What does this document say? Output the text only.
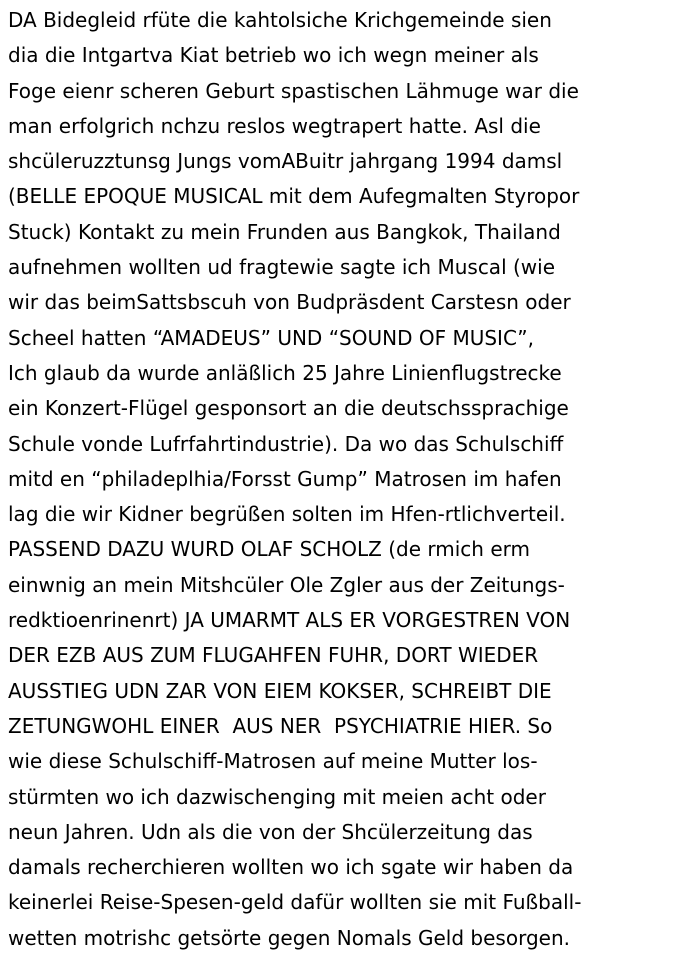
DA Bidegleid rfüte die kahtolsiche Krichgemeinde sien
dia die Intgartva Kiat betrieb wo ich wegn meiner als
Foge eienr scheren Geburt spastischen Lähmuge war die
man erfolgrich nchzu reslos wegtrapert hatte. Asl die
shcüleruzztunsg Jungs vomABuitr jahrgang 1994 damsl
(BELLE EPOQUE MUSICAL mit dem Aufegmalten Styropor
Stuck) Kontakt zu mein Frunden aus Bangkok, Thailand
aufnehmen wollten ud fragtewie sagte ich Muscal (wie
wir das beimSattsbscuh von Budpräsdent Carstesn oder
Scheel hatten “AMADEUS” UND “SOUND OF MUSIC”,
Ich glaub da wurde anläßlich 25 Jahre Linienflugstrecke
ein Konzert-Flügel gesponsort an die deutschssprachige
Schule vonde Lufrfahrtindustrie). Da wo das Schulschiff
mitd en “philadeplhia/Forsst Gump” Matrosen im hafen
lag die wir Kidner begrüßen solten im Hfen-rtlichverteil.
PASSEND DAZU WURD OLAF SCHOLZ (de rmich erm
einwnig an mein Mitshcüler Ole Zgler aus der Zeitungs-
redktioenrinenrt) JA UMARMT ALS ER VORGESTREN VON
DER EZB AUS ZUM FLUGAHFEN FUHR, DORT WIEDER
AUSSTIEG UDN ZAR VON EIEM KOKSER, SCHREIBT DIE
ZETUNGWOHL EINER  AUS NER  PSYCHIATRIE HIER. So
wie diese Schulschiff-Matrosen auf meine Mutter los-
stürmten wo ich dazwischenging mit meien acht oder
neun Jahren. Udn als die von der Shcülerzeitung das
damals recherchieren wollten wo ich sgate wir haben da
keinerlei Reise-Spesen-geld dafür wollten sie mit Fußball-
wetten motrishc getsörte gegen Nomals Geld besorgen.
